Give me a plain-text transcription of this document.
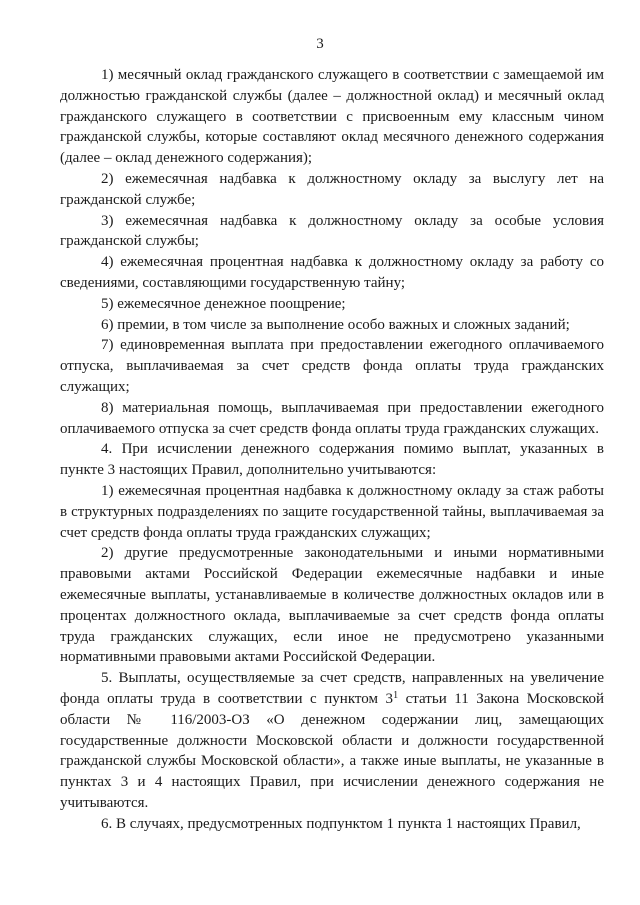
3

1) месячный оклад гражданского служащего в соответствии с замещаемой им должностью гражданской службы (далее – должностной оклад) и месячный оклад гражданского служащего в соответствии с присвоенным ему классным чином гражданской службы, которые составляют оклад месячного денежного содержания (далее – оклад денежного содержания);

2) ежемесячная надбавка к должностному окладу за выслугу лет на гражданской службе;

3) ежемесячная надбавка к должностному окладу за особые условия гражданской службы;

4) ежемесячная процентная надбавка к должностному окладу за работу со сведениями, составляющими государственную тайну;

5) ежемесячное денежное поощрение;

6) премии, в том числе за выполнение особо важных и сложных заданий;

7) единовременная выплата при предоставлении ежегодного оплачиваемого отпуска, выплачиваемая за счет средств фонда оплаты труда гражданских служащих;

8) материальная помощь, выплачиваемая при предоставлении ежегодного оплачиваемого отпуска за счет средств фонда оплаты труда гражданских служащих.

4. При исчислении денежного содержания помимо выплат, указанных в пункте 3 настоящих Правил, дополнительно учитываются:

1) ежемесячная процентная надбавка к должностному окладу за стаж работы в структурных подразделениях по защите государственной тайны, выплачиваемая за счет средств фонда оплаты труда гражданских служащих;

2) другие предусмотренные законодательными и иными нормативными правовыми актами Российской Федерации ежемесячные надбавки и иные ежемесячные выплаты, устанавливаемые в количестве должностных окладов или в процентах должностного оклада, выплачиваемые за счет средств фонда оплаты труда гражданских служащих, если иное не предусмотрено указанными нормативными правовыми актами Российской Федерации.

5. Выплаты, осуществляемые за счет средств, направленных на увеличение фонда оплаты труда в соответствии с пунктом $3^1$ статьи 11 Закона Московской области № 116/2003-ОЗ «О денежном содержании лиц, замещающих государственные должности Московской области и должности государственной гражданской службы Московской области», а также иные выплаты, не указанные в пунктах 3 и 4 настоящих Правил, при исчислении денежного содержания не учитываются.

6. В случаях, предусмотренных подпунктом 1 пункта 1 настоящих Правил,
